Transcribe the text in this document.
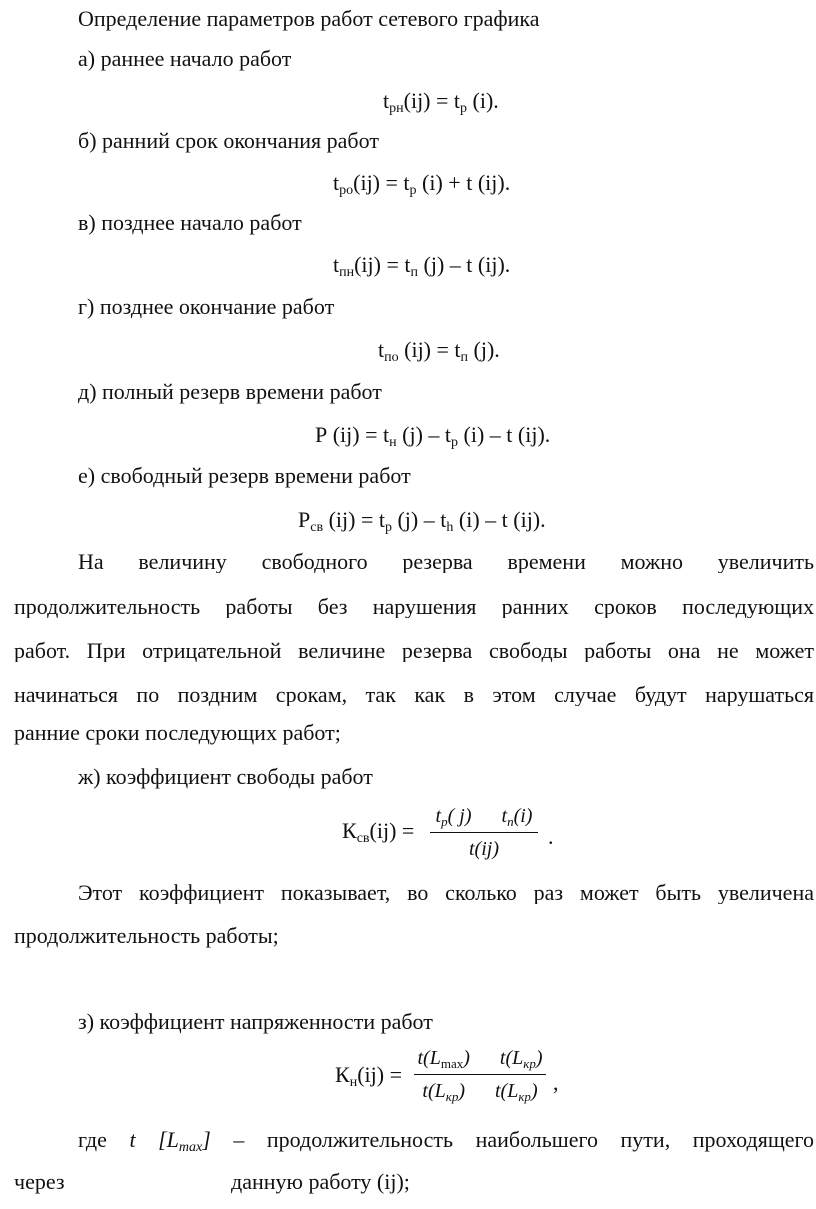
Определение параметров работ сетевого графика
а) раннее начало работ
$t_{рн}(ij) = t_р$ (i).
б) ранний срок окончания работ
$t_{ро}(ij) = t_р$ (i) + t (ij).
в) позднее начало работ
$t_{пн}(ij) = t_п$ (j) – t (ij).
г) позднее окончание работ
$t_{по}$ $(ij) = t_п$ (j).
д) полный резерв времени работ
Р $(ij) = t_н$ $(j) - t_р$ (i) – t (ij).
е) свободный резерв времени работ
$Р_{св}$ $(ij) = t_р$ $(j) - t_h$ (i) – t (ij).
На величину свободного резерва времени можно увеличить
продолжительность работы без нарушения ранних сроков последующих
работ. При отрицательной величине резерва свободы работы она не может
начинаться по поздним срокам, так как в этом случае будут нарушаться
ранние сроки последующих работ;
ж) коэффициент свободы работ
$К_{св}(ij)$ =
$t_p$( j)   $t_n(i)$
t(ij)	.
Этот коэффициент показывает, во сколько раз может быть увеличена
продолжительность работы;
з) коэффициент напряженности работ
$К_н(ij)$ =
$t(L_{max})$   $t(L_{кр})$
$t(L_{кр})$   $t(L_{кр})$ ,
где t $[L_{max}]$ – продолжительность наибольшего пути, проходящего
через	данную работу (ij);
